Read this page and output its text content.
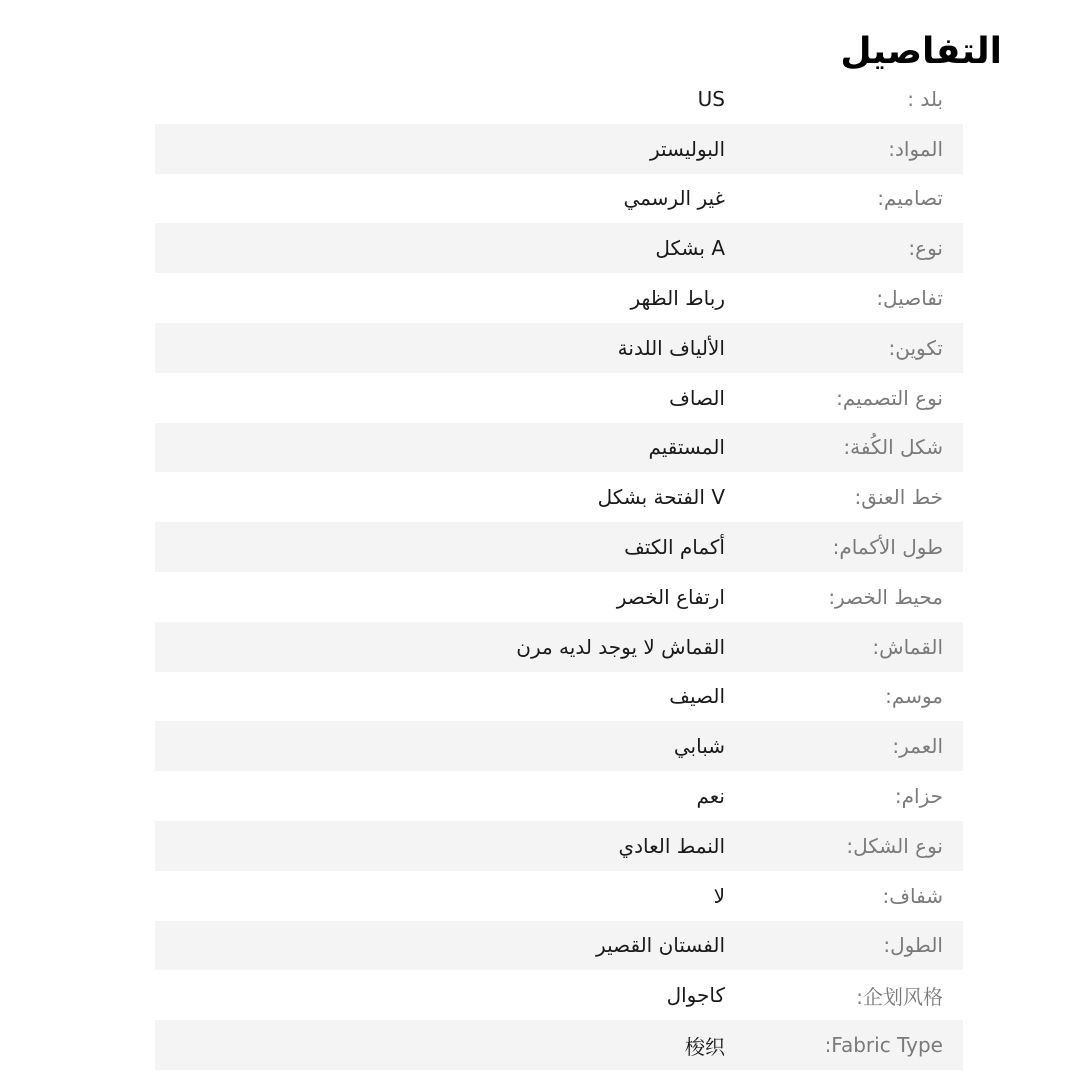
التفاصيل
بلد :
US
المواد:
البوليستر
تصاميم:
غير الرسمي
نوع:
A بشكل
تفاصيل:
رباط الظهر
تكوين:
الألياف اللدنة
نوع التصميم:
الصاف
شكل الكُفة:
المستقيم
خط العنق:
V الفتحة بشكل
طول الأكمام:
أكمام الكتف
محيط الخصر:
ارتفاع الخصر
القماش:
القماش لا يوجد لديه مرن
موسم:
الصيف
العمر:
شبابي
حزام:
نعم
نوع الشكل:
النمط العادي
شفاف:
لا
الطول:
الفستان القصير
企划风格:
كاجوال
:Fabric Type
梭织
